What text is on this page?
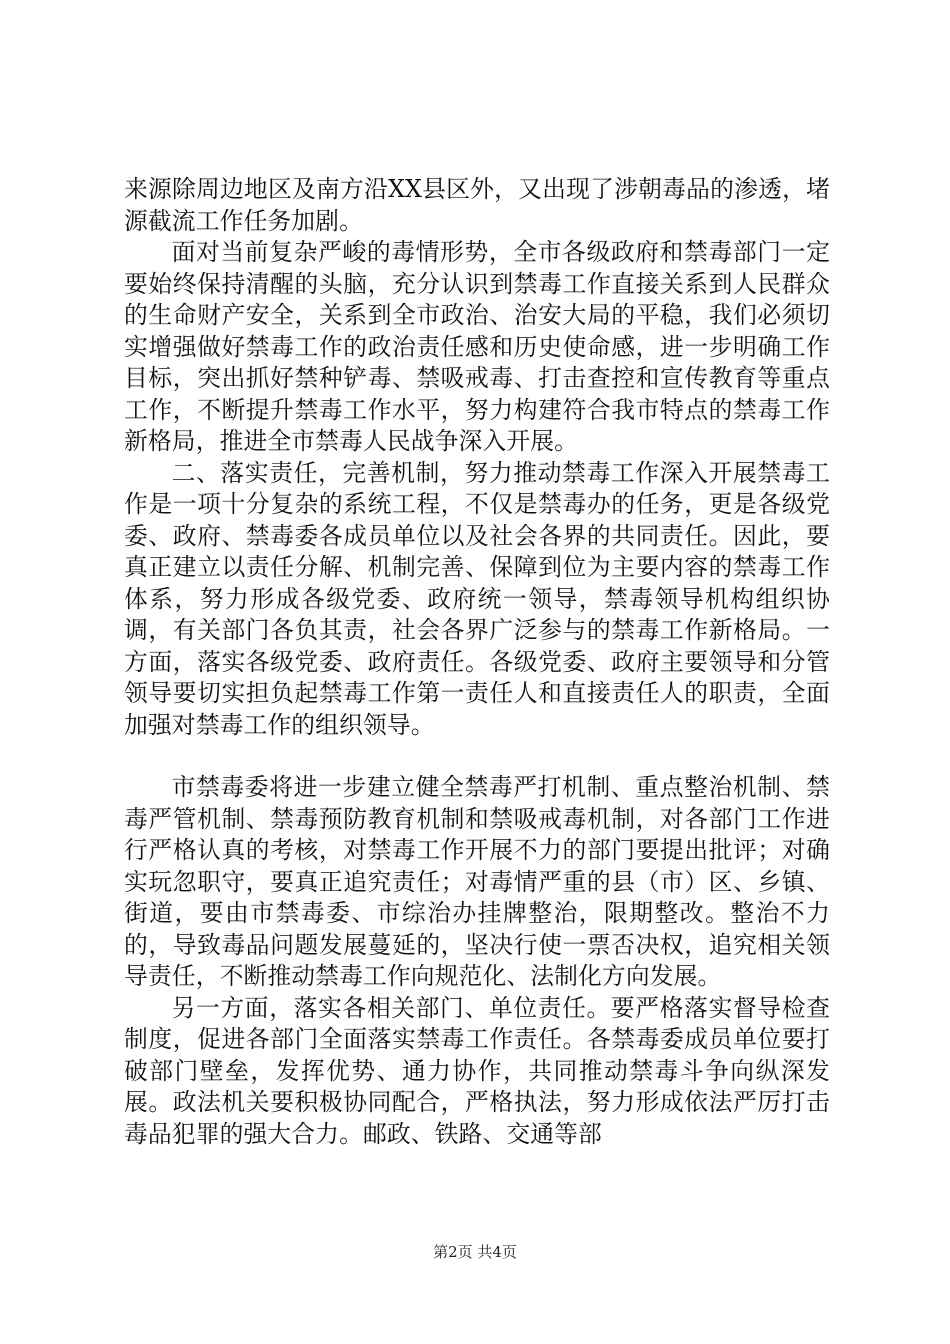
来源除周边地区及南方沿XX县区外，又出现了涉朝毒品的渗透，堵源截流工作任务加剧。

面对当前复杂严峻的毒情形势，全市各级政府和禁毒部门一定要始终保持清醒的头脑，充分认识到禁毒工作直接关系到人民群众的生命财产安全，关系到全市政治、治安大局的平稳，我们必须切实增强做好禁毒工作的政治责任感和历史使命感，进一步明确工作目标，突出抓好禁种铲毒、禁吸戒毒、打击查控和宣传教育等重点工作，不断提升禁毒工作水平，努力构建符合我市特点的禁毒工作新格局，推进全市禁毒人民战争深入开展。

二、落实责任，完善机制，努力推动禁毒工作深入开展禁毒工作是一项十分复杂的系统工程，不仅是禁毒办的任务，更是各级党委、政府、禁毒委各成员单位以及社会各界的共同责任。因此，要真正建立以责任分解、机制完善、保障到位为主要内容的禁毒工作体系，努力形成各级党委、政府统一领导，禁毒领导机构组织协调，有关部门各负其责，社会各界广泛参与的禁毒工作新格局。一方面，落实各级党委、政府责任。各级党委、政府主要领导和分管领导要切实担负起禁毒工作第一责任人和直接责任人的职责，全面加强对禁毒工作的组织领导。

市禁毒委将进一步建立健全禁毒严打机制、重点整治机制、禁毒严管机制、禁毒预防教育机制和禁吸戒毒机制，对各部门工作进行严格认真的考核，对禁毒工作开展不力的部门要提出批评；对确实玩忽职守，要真正追究责任；对毒情严重的县（市）区、乡镇、街道，要由市禁毒委、市综治办挂牌整治，限期整改。整治不力的，导致毒品问题发展蔓延的，坚决行使一票否决权，追究相关领导责任，不断推动禁毒工作向规范化、法制化方向发展。

另一方面，落实各相关部门、单位责任。要严格落实督导检查制度，促进各部门全面落实禁毒工作责任。各禁毒委成员单位要打破部门壁垒，发挥优势、通力协作，共同推动禁毒斗争向纵深发展。政法机关要积极协同配合，严格执法，努力形成依法严厉打击毒品犯罪的强大合力。邮政、铁路、交通等部

第2页 共4页
